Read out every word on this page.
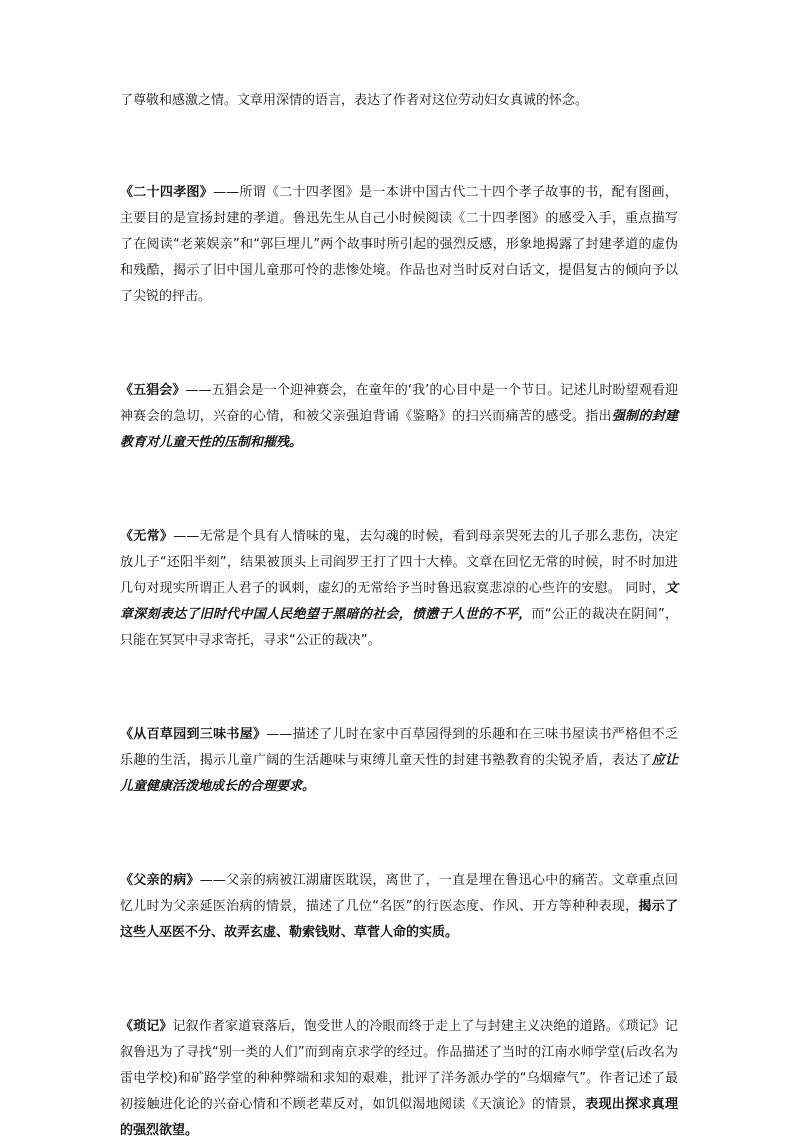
了尊敬和感激之情。文章用深情的语言，表达了作者对这位劳动妇女真诚的怀念。

《二十四孝图》——所谓《二十四孝图》是一本讲中国古代二十四个孝子故事的书，配有图画，主要目的是宣扬封建的孝道。鲁迅先生从自己小时候阅读《二十四孝图》的感受入手，重点描写了在阅读“老莱娱亲”和“郭巨埋儿”两个故事时所引起的强烈反感，形象地揭露了封建孝道的虚伪和残酷，揭示了旧中国儿童那可怜的悲惨处境。作品也对当时反对白话文，提倡复古的倾向予以了尖锐的抨击。

《五猖会》——五猖会是一个迎神赛会，在童年的‘我’的心目中是一个节日。记述儿时盼望观看迎神赛会的急切，兴奋的心情，和被父亲强迫背诵《鉴略》的扫兴而痛苦的感受。指出强制的封建教育对儿童天性的压制和摧残。

《无常》——无常是个具有人情味的鬼，去勾魂的时候，看到母亲哭死去的儿子那么悲伤，决定放儿子“还阳半刻”，结果被顶头上司阎罗王打了四十大棒。文章在回忆无常的时候，时不时加进几句对现实所谓正人君子的讽刺，虚幻的无常给予当时鲁迅寂寞悲凉的心些许的安慰。 同时，文章深刻表达了旧时代中国人民绝望于黑暗的社会，愤懑于人世的不平，而“公正的裁决在阴间”，只能在冥冥中寻求寄托，寻求“公正的裁决”。

《从百草园到三味书屋》——描述了儿时在家中百草园得到的乐趣和在三味书屋读书严格但不乏乐趣的生活，揭示儿童广阔的生活趣味与束缚儿童天性的封建书塾教育的尖锐矛盾，表达了应让儿童健康活泼地成长的合理要求。

《父亲的病》——父亲的病被江湖庸医耽误，离世了，一直是埋在鲁迅心中的痛苦。文章重点回忆儿时为父亲延医治病的情景，描述了几位“名医”的行医态度、作风、开方等种种表现，揭示了这些人巫医不分、故弄玄虚、勒索钱财、草菅人命的实质。

《琐记》记叙作者家道衰落后，饱受世人的冷眼而终于走上了与封建主义决绝的道路。《琐记》记叙鲁迅为了寻找“别一类的人们”而到南京求学的经过。作品描述了当时的江南水师学堂(后改名为雷电学校)和矿路学堂的种种弊端和求知的艰难，批评了洋务派办学的“乌烟瘴气”。作者记述了最初接触进化论的兴奋心情和不顾老辈反对，如饥似渴地阅读《天演论》的情景，表现出探求真理的强烈欲望。
